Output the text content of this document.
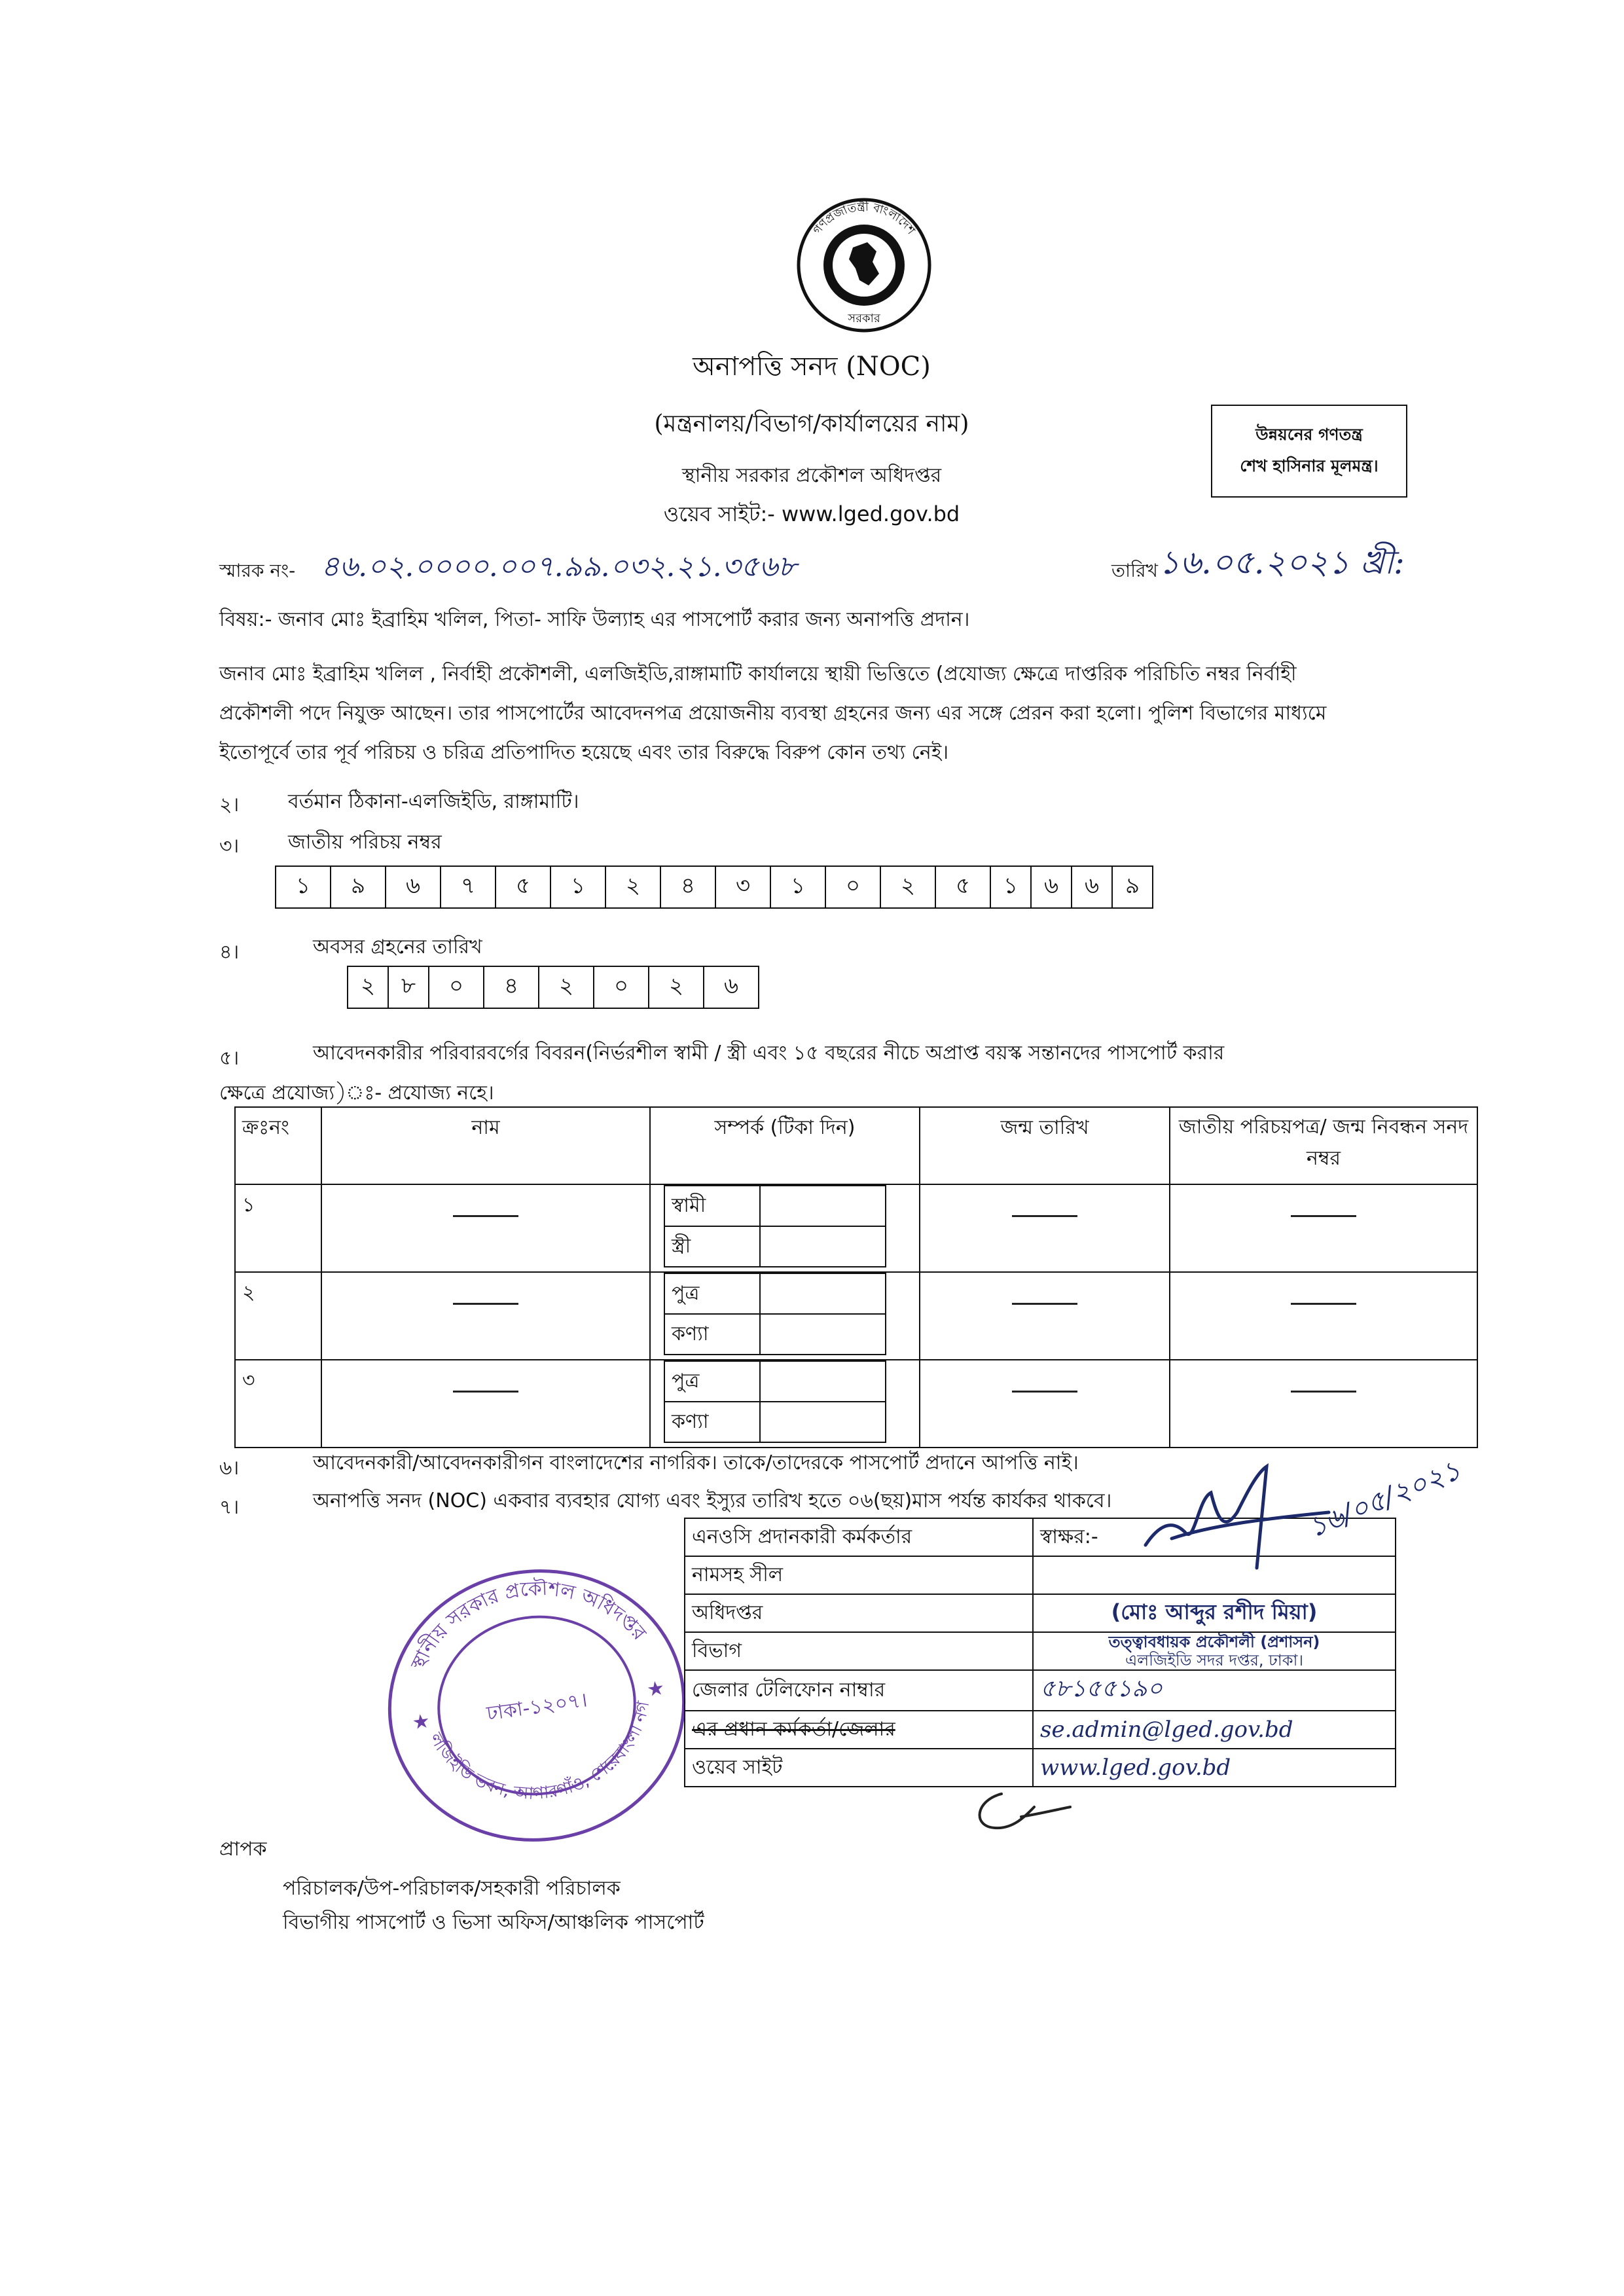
গণপ্রজাতন্ত্রী বাংলাদেশ
সরকার
অনাপত্তি সনদ (NOC)
(মন্ত্রনালয়/বিভাগ/কার্যালয়ের নাম)
স্থানীয় সরকার প্রকৌশল অধিদপ্তর
ওয়েব সাইট:- www.lged.gov.bd
উন্নয়নের গণতন্ত্র
শেখ হাসিনার মূলমন্ত্র।
স্মারক নং- ৪৬.০২.০০০০.০০৭.৯৯.০৩২.২১.৩৫৬৮	তারিখ ১৬.০৫.২০২১ খ্রী:
বিষয়:- জনাব মোঃ ইব্রাহিম খলিল, পিতা- সাফি উল্যাহ এর পাসপোর্ট করার জন্য অনাপত্তি প্রদান।
জনাব মোঃ ইব্রাহিম খলিল , নির্বাহী প্রকৌশলী, এলজিইডি,রাঙ্গামাটি কার্যালয়ে স্থায়ী ভিত্তিতে (প্রযোজ্য ক্ষেত্রে দাপ্তরিক পরিচিতি নম্বর নির্বাহী
প্রকৌশলী পদে নিযুক্ত আছেন। তার পাসপোর্টের আবেদনপত্র প্রয়োজনীয় ব্যবস্থা গ্রহনের জন্য এর সঙ্গে প্রেরন করা হলো। পুলিশ বিভাগের মাধ্যমে
ইতোপূর্বে তার পূর্ব পরিচয় ও চরিত্র প্রতিপাদিত হয়েছে এবং তার বিরুদ্ধে বিরুপ কোন তথ্য নেই।
২। বর্তমান ঠিকানা-এলজিইডি, রাঙ্গামাটি।
৩। জাতীয় পরিচয় নম্বর
১	৯	৬	৭	৫	১	২	৪	৩	১	০	২	৫	১	৬	৬	৯
৪।	অবসর গ্রহনের তারিখ
২	৮	০	৪	২	০	২	৬
৫।	আবেদনকারীর পরিবারবর্গের বিবরন(নির্ভরশীল স্বামী / স্ত্রী এবং ১৫ বছরের নীচে অপ্রাপ্ত বয়স্ক সন্তানদের পাসপোর্ট করার
ক্ষেত্রে প্রযোজ্য)ঃ- প্রযোজ্য নহে।
ক্রঃনং	নাম	সম্পর্ক (টিকা দিন)	জন্ম তারিখ	জাতীয় পরিচয়পত্র/ জন্ম নিবন্ধন সনদ নম্বর
১			স্বামী	
স্ত্রী	

২			পুত্র	
কণ্যা	

৩			পুত্র	
কণ্যা	

৬।	আবেদনকারী/আবেদনকারীগন বাংলাদেশের নাগরিক। তাকে/তাদেরকে পাসপোর্ট প্রদানে আপত্তি নাই।
৭।	অনাপত্তি সনদ (NOC) একবার ব্যবহার যোগ্য এবং ইস্যুর তারিখ হতে ০৬(ছয়)মাস পর্যন্ত কার্যকর থাকবে।
স্থানীয় সরকার প্রকৌশল অধিদপ্তর
এলজিইডি ভবন, আগারগাঁও, শেরেবাংলা নগর
ঢাকা-১২০৭।
★
★
এনওসি প্রদানকারী কর্মকর্তার	স্বাক্ষর:-
নামসহ সীল	
অধিদপ্তর	(মোঃ আব্দুর রশীদ মিয়া)
বিভাগ	তত্ত্বাবধায়ক প্রকৌশলী (প্রশাসন)
এলজিইডি সদর দপ্তর, ঢাকা।

জেলার টেলিফোন নাম্বার	৫৮১৫৫১৯০
এর প্রধান কর্মকর্তা/জেলার	se.admin@lged.gov.bd
ওয়েব সাইট	www.lged.gov.bd
১৬/০৫/২০২১
প্রাপক
পরিচালক/উপ-পরিচালক/সহকারী পরিচালক
বিভাগীয় পাসপোর্ট ও ভিসা অফিস/আঞ্চলিক পাসপোর্ট
